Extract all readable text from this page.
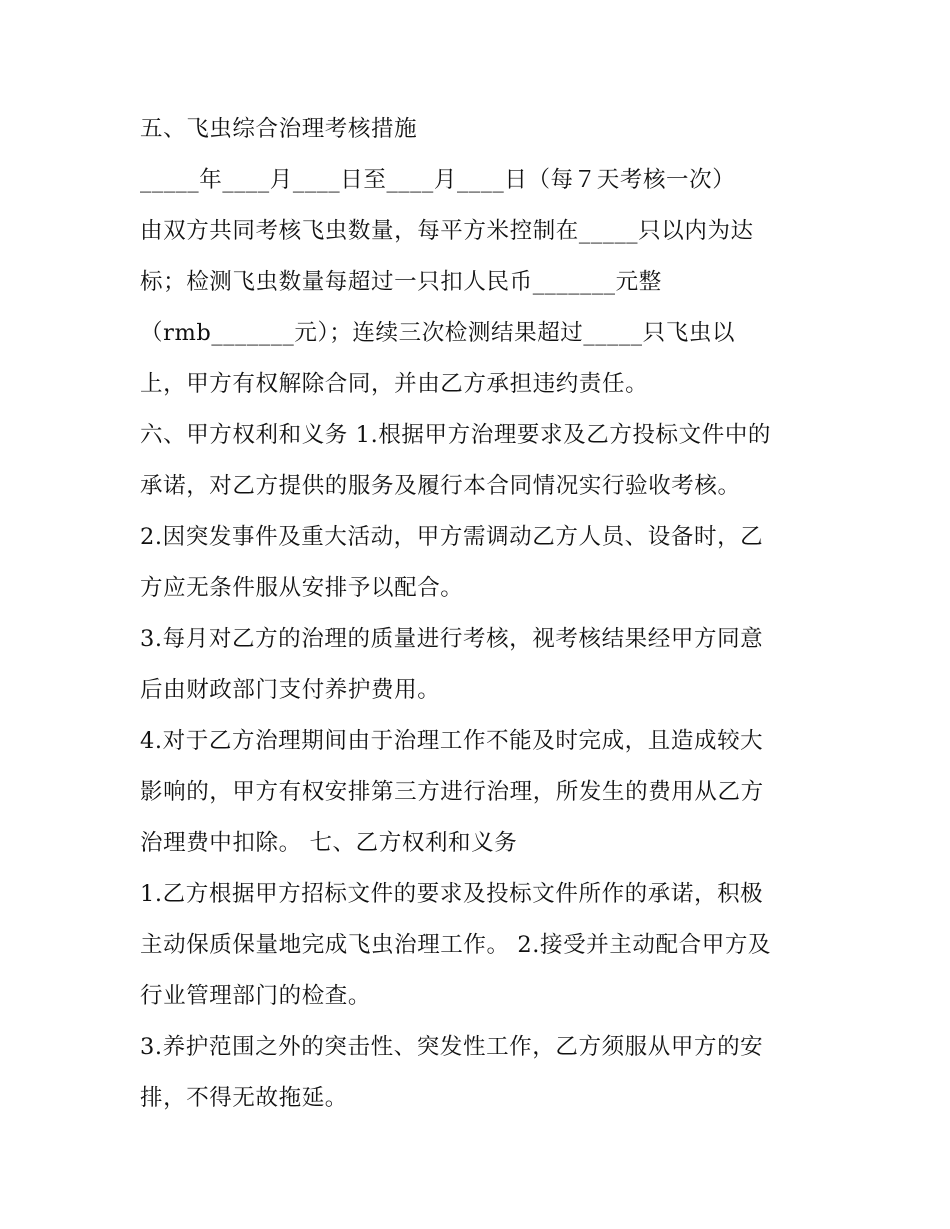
五、飞虫综合治理考核措施
_____年____月____日至____月____日（每７天考核一次）
由双方共同考核飞虫数量，每平方米控制在_____只以内为达
标；检测飞虫数量每超过一只扣人民币_______元整
（rmb_______元）；连续三次检测结果超过_____只飞虫以
上，甲方有权解除合同，并由乙方承担违约责任。
六、甲方权利和义务 1.根据甲方治理要求及乙方投标文件中的
承诺，对乙方提供的服务及履行本合同情况实行验收考核。
2.因突发事件及重大活动，甲方需调动乙方人员、设备时，乙
方应无条件服从安排予以配合。
3.每月对乙方的治理的质量进行考核，视考核结果经甲方同意
后由财政部门支付养护费用。
4.对于乙方治理期间由于治理工作不能及时完成，且造成较大
影响的，甲方有权安排第三方进行治理，所发生的费用从乙方
治理费中扣除。 七、乙方权利和义务
1.乙方根据甲方招标文件的要求及投标文件所作的承诺，积极
主动保质保量地完成飞虫治理工作。 2.接受并主动配合甲方及
行业管理部门的检查。
3.养护范围之外的突击性、突发性工作，乙方须服从甲方的安
排，不得无故拖延。
